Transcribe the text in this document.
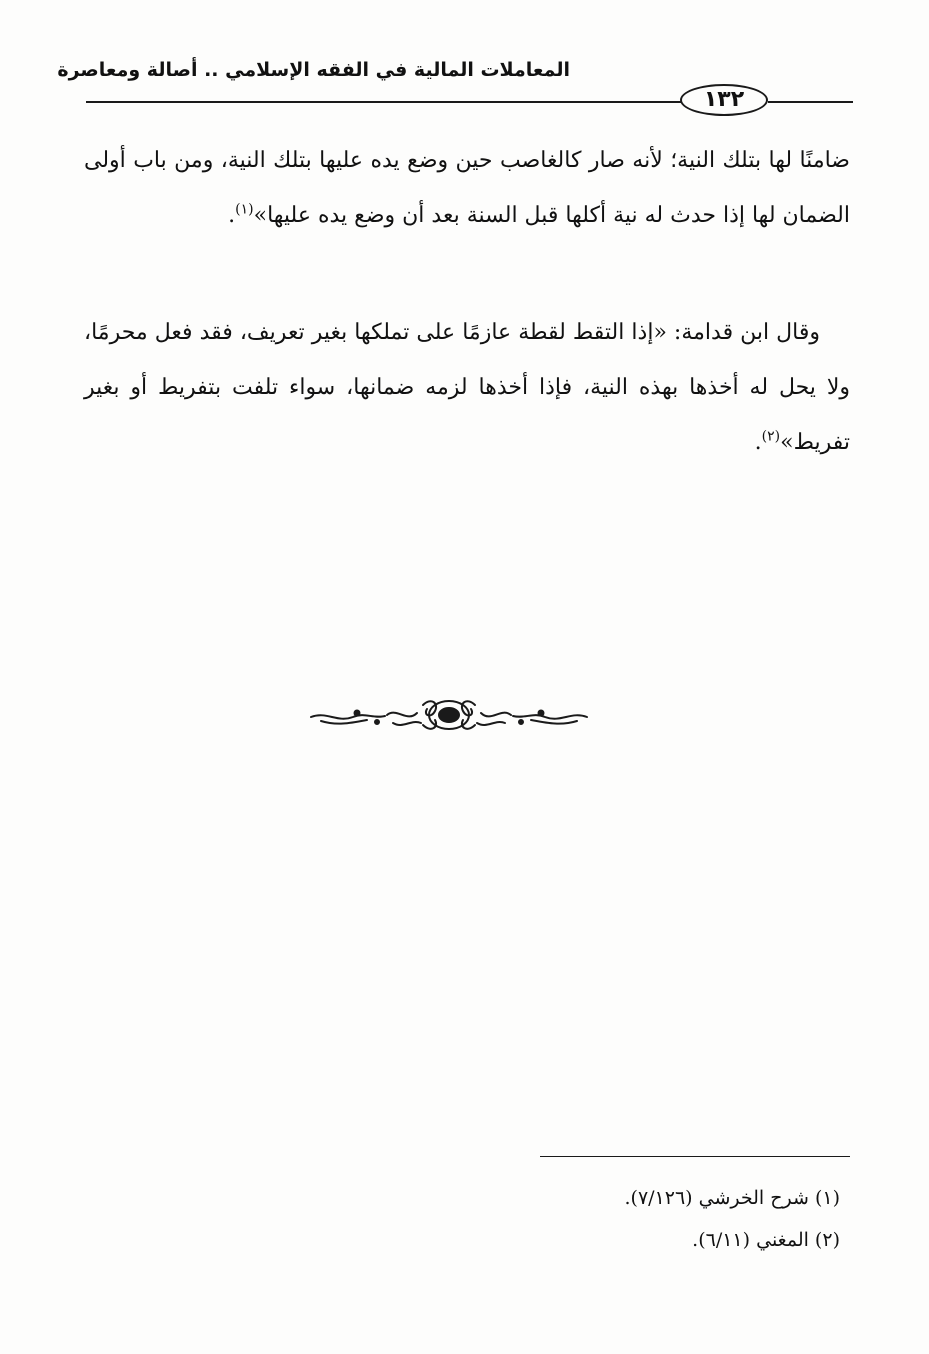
المعاملات المالية في الفقه الإسلامي .. أصالة ومعاصرة
١٣٢

ضامنًا لها بتلك النية؛ لأنه صار كالغاصب حين وضع يده عليها بتلك النية، ومن باب أولى الضمان لها إذا حدث له نية أكلها قبل السنة بعد أن وضع يده عليها»$^{(١)}$.

وقال ابن قدامة: «إذا التقط لقطة عازمًا على تملكها بغير تعريف، فقد فعل محرمًا، ولا يحل له أخذها بهذه النية، فإذا أخذها لزمه ضمانها، سواء تلفت بتفريط أو بغير تفريط»$^{(٢)}$.

(١) شرح الخرشي (٧/١٢٦).
(٢) المغني (٦/١١).
